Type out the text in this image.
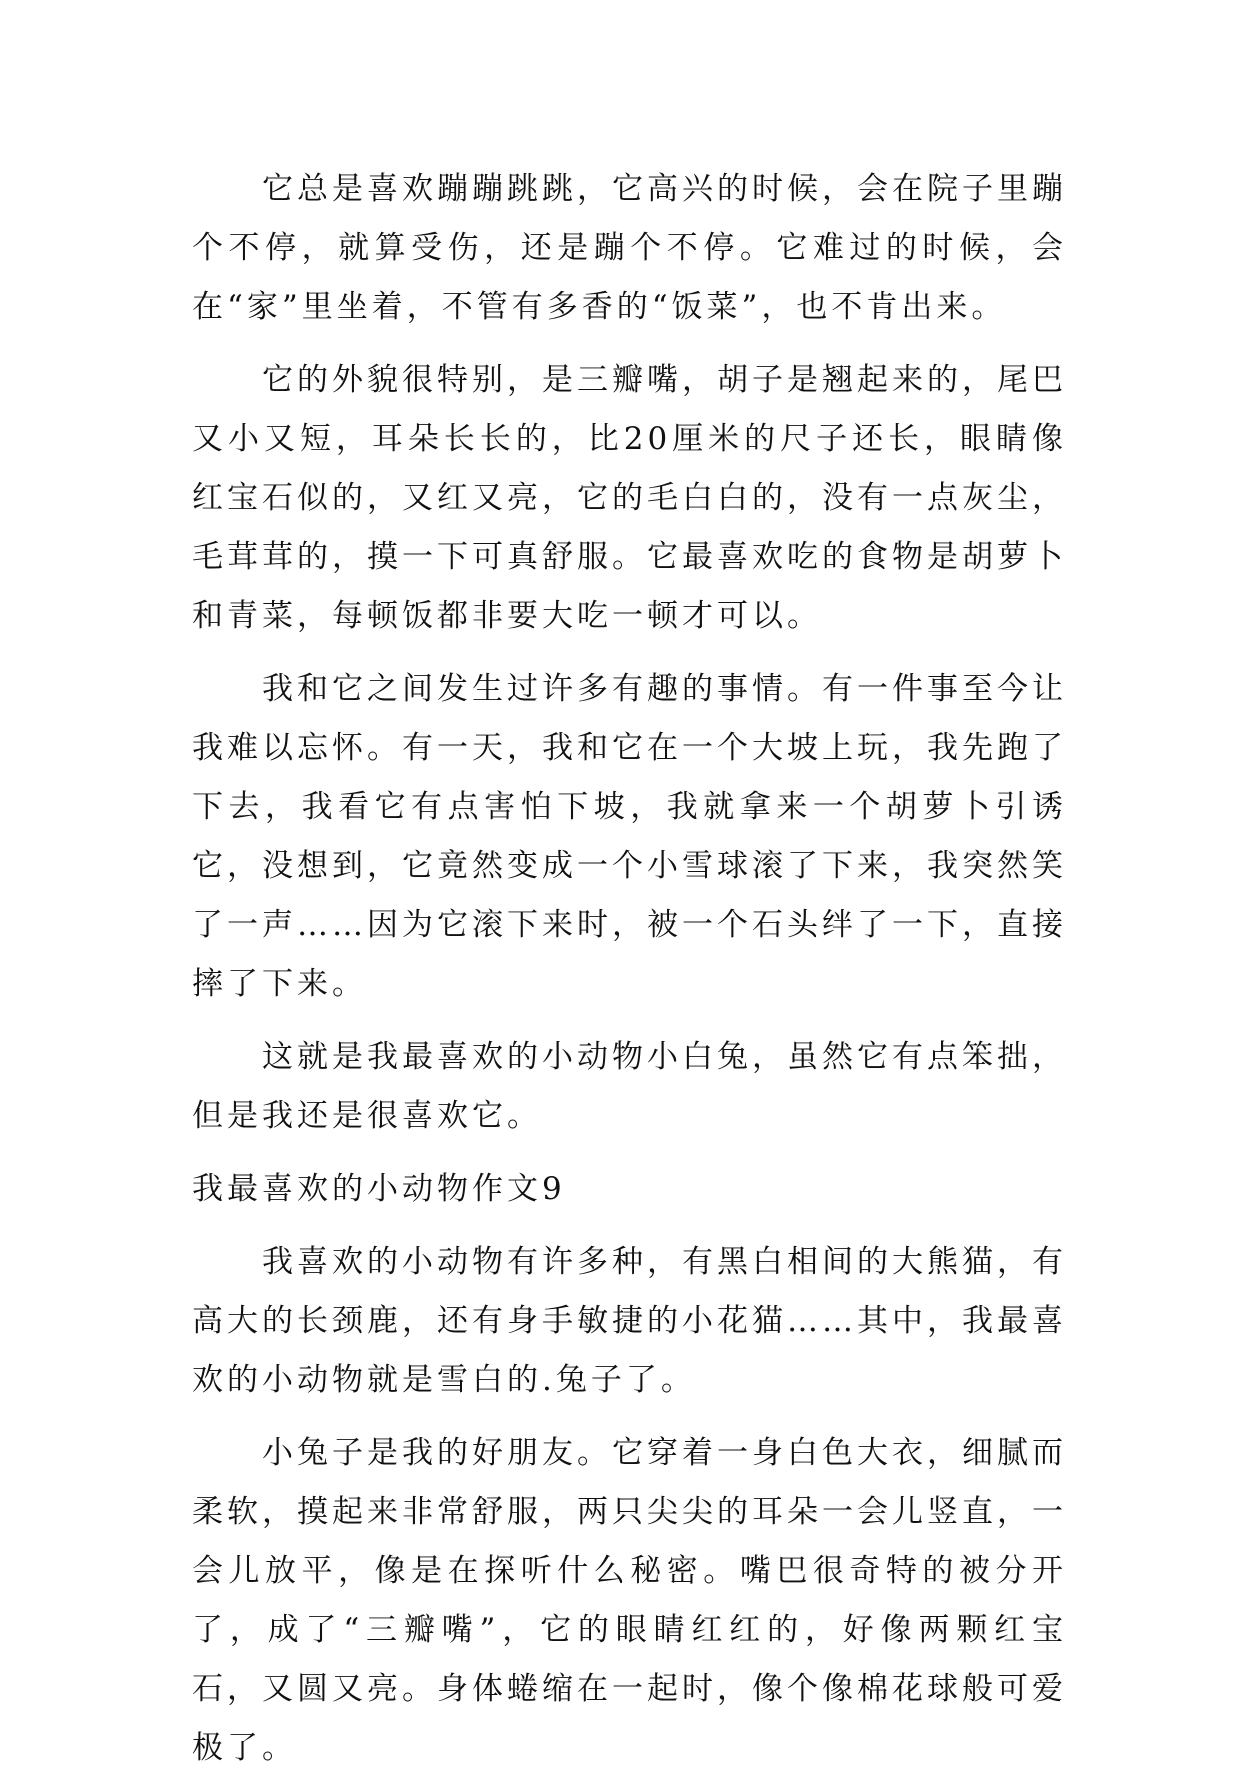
它总是喜欢蹦蹦跳跳，它高兴的时候，会在院子里蹦个不停，就算受伤，还是蹦个不停。它难过的时候，会在“家”里坐着，不管有多香的“饭菜”，也不肯出来。

它的外貌很特别，是三瓣嘴，胡子是翘起来的，尾巴又小又短，耳朵长长的，比20厘米的尺子还长，眼睛像红宝石似的，又红又亮，它的毛白白的，没有一点灰尘，毛茸茸的，摸一下可真舒服。它最喜欢吃的食物是胡萝卜和青菜，每顿饭都非要大吃一顿才可以。

我和它之间发生过许多有趣的事情。有一件事至今让我难以忘怀。有一天，我和它在一个大坡上玩，我先跑了下去，我看它有点害怕下坡，我就拿来一个胡萝卜引诱它，没想到，它竟然变成一个小雪球滚了下来，我突然笑了一声……因为它滚下来时，被一个石头绊了一下，直接摔了下来。

这就是我最喜欢的小动物小白兔，虽然它有点笨拙，但是我还是很喜欢它。

我最喜欢的小动物作文9

我喜欢的小动物有许多种，有黑白相间的大熊猫，有高大的长颈鹿，还有身手敏捷的小花猫……其中，我最喜欢的小动物就是雪白的.兔子了。

小兔子是我的好朋友。它穿着一身白色大衣，细腻而柔软，摸起来非常舒服，两只尖尖的耳朵一会儿竖直，一会儿放平，像是在探听什么秘密。嘴巴很奇特的被分开了，成了“三瓣嘴”，它的眼睛红红的，好像两颗红宝石，又圆又亮。身体蜷缩在一起时，像个像棉花球般可爱极了。
